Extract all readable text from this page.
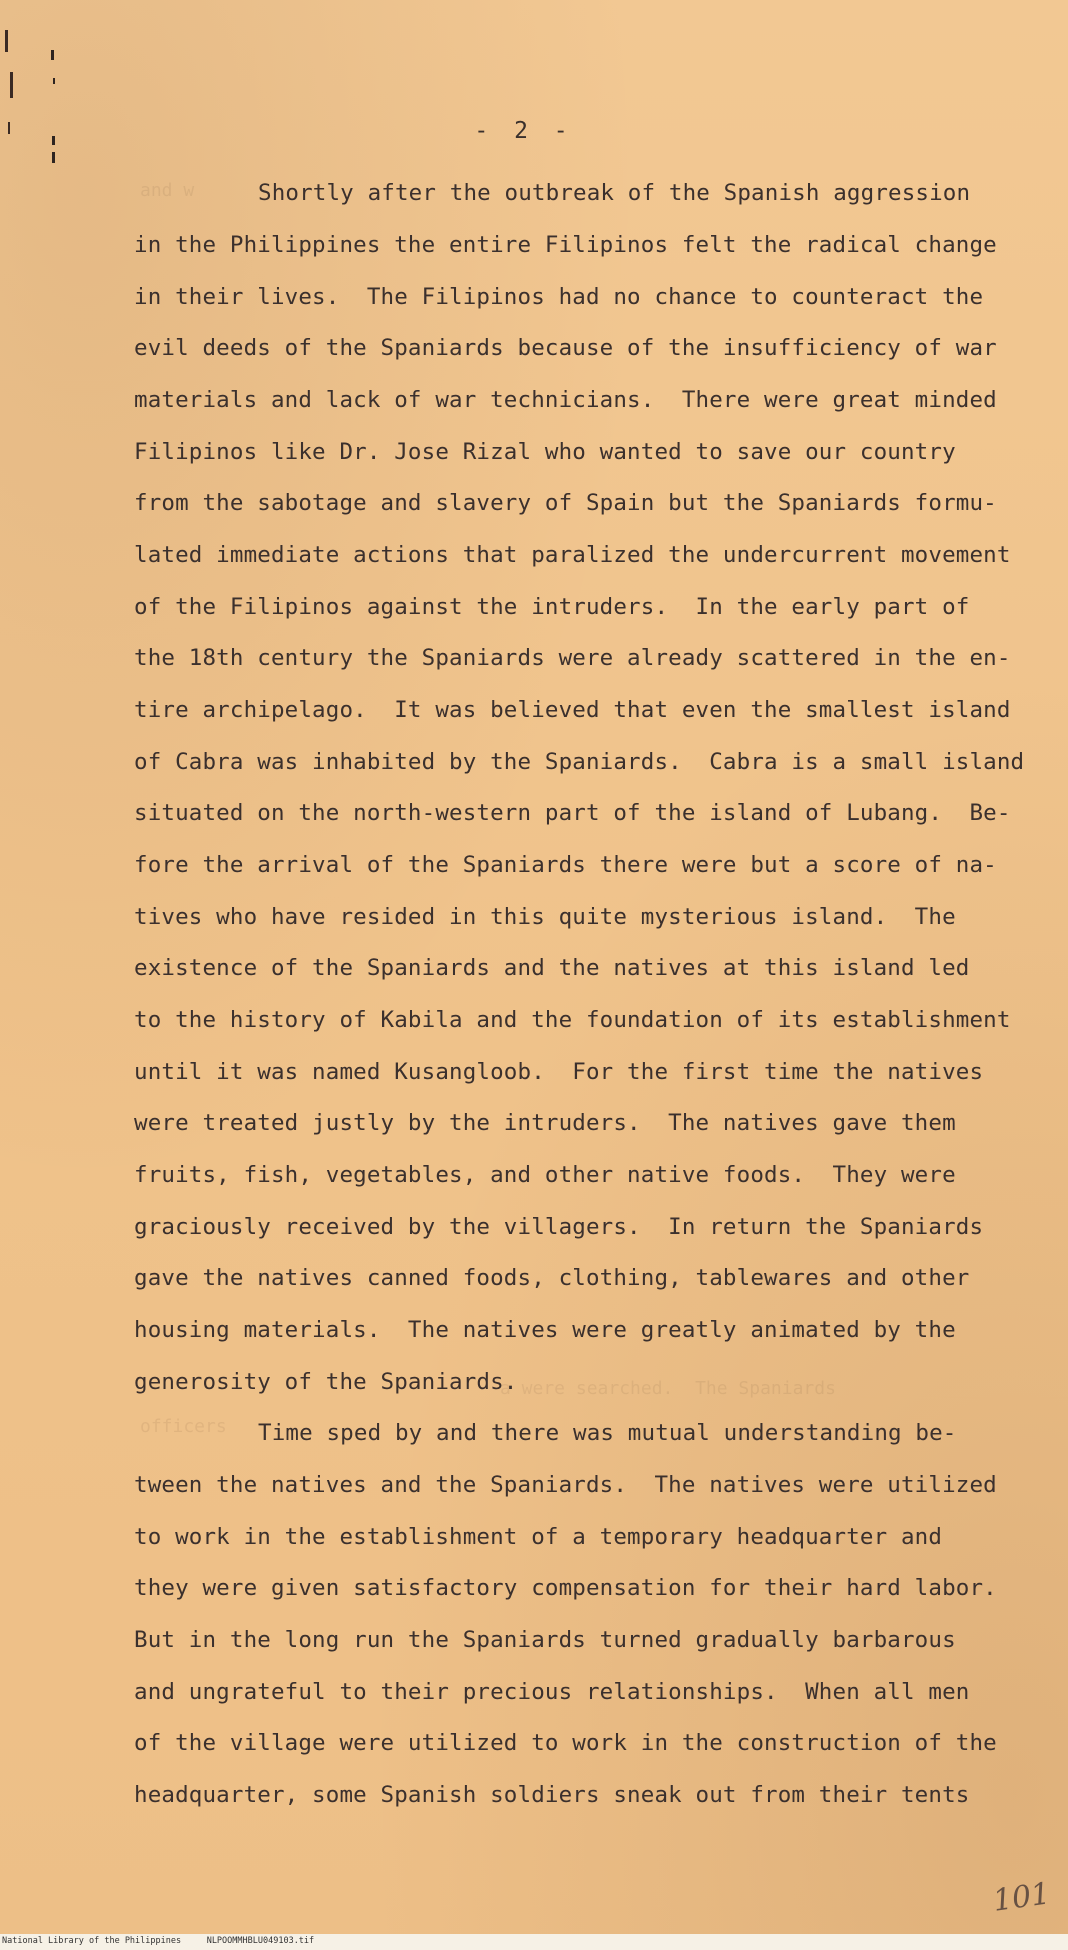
and w
a were searched.  The Spaniards
officers
- 2 -
Shortly after the outbreak of the Spanish aggression
in the Philippines the entire Filipinos felt the radical change
in their lives.  The Filipinos had no chance to counteract the
evil deeds of the Spaniards because of the insufficiency of war
materials and lack of war technicians.  There were great minded
Filipinos like Dr. Jose Rizal who wanted to save our country
from the sabotage and slavery of Spain but the Spaniards formu-
lated immediate actions that paralized the undercurrent movement
of the Filipinos against the intruders.  In the early part of
the 18th century the Spaniards were already scattered in the en-
tire archipelago.  It was believed that even the smallest island
of Cabra was inhabited by the Spaniards.  Cabra is a small island
situated on the north-western part of the island of Lubang.  Be-
fore the arrival of the Spaniards there were but a score of na-
tives who have resided in this quite mysterious island.  The
existence of the Spaniards and the natives at this island led
to the history of Kabila and the foundation of its establishment
until it was named Kusangloob.  For the first time the natives
were treated justly by the intruders.  The natives gave them
fruits, fish, vegetables, and other native foods.  They were
graciously received by the villagers.  In return the Spaniards
gave the natives canned foods, clothing, tablewares and other
housing materials.  The natives were greatly animated by the
generosity of the Spaniards.
Time sped by and there was mutual understanding be-
tween the natives and the Spaniards.  The natives were utilized
to work in the establishment of a temporary headquarter and
they were given satisfactory compensation for their hard labor.
But in the long run the Spaniards turned gradually barbarous
and ungrateful to their precious relationships.  When all men
of the village were utilized to work in the construction of the
headquarter, some Spanish soldiers sneak out from their tents
101
National Library of the Philippines     NLPOOMMHBLU049103.tif
